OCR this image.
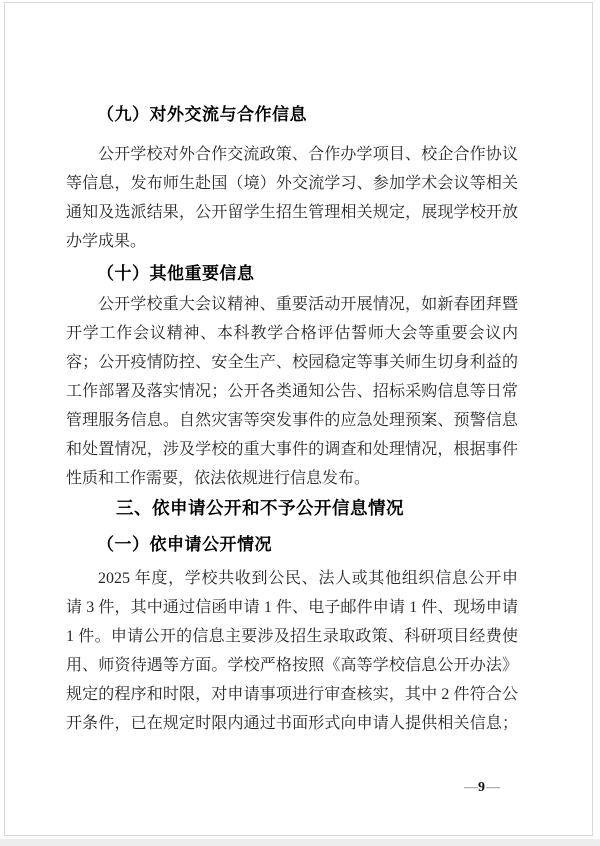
（九）对外交流与合作信息
公开学校对外合作交流政策、合作办学项目、校企合作协议
等信息，发布师生赴国（境）外交流学习、参加学术会议等相关
通知及选派结果，公开留学生招生管理相关规定，展现学校开放
办学成果。
（十）其他重要信息
公开学校重大会议精神、重要活动开展情况，如新春团拜暨
开学工作会议精神、本科教学合格评估誓师大会等重要会议内
容；公开疫情防控、安全生产、校园稳定等事关师生切身利益的
工作部署及落实情况；公开各类通知公告、招标采购信息等日常
管理服务信息。自然灾害等突发事件的应急处理预案、预警信息
和处置情况，涉及学校的重大事件的调查和处理情况，根据事件
性质和工作需要，依法依规进行信息发布。
三、依申请公开和不予公开信息情况
（一）依申请公开情况
2025 年度，学校共收到公民、法人或其他组织信息公开申
请 3 件，其中通过信函申请 1 件、电子邮件申请 1 件、现场申请
1 件。申请公开的信息主要涉及招生录取政策、科研项目经费使
用、师资待遇等方面。学校严格按照《高等学校信息公开办法》
规定的程序和时限，对申请事项进行审查核实，其中 2 件符合公
开条件，已在规定时限内通过书面形式向申请人提供相关信息；
—9—
